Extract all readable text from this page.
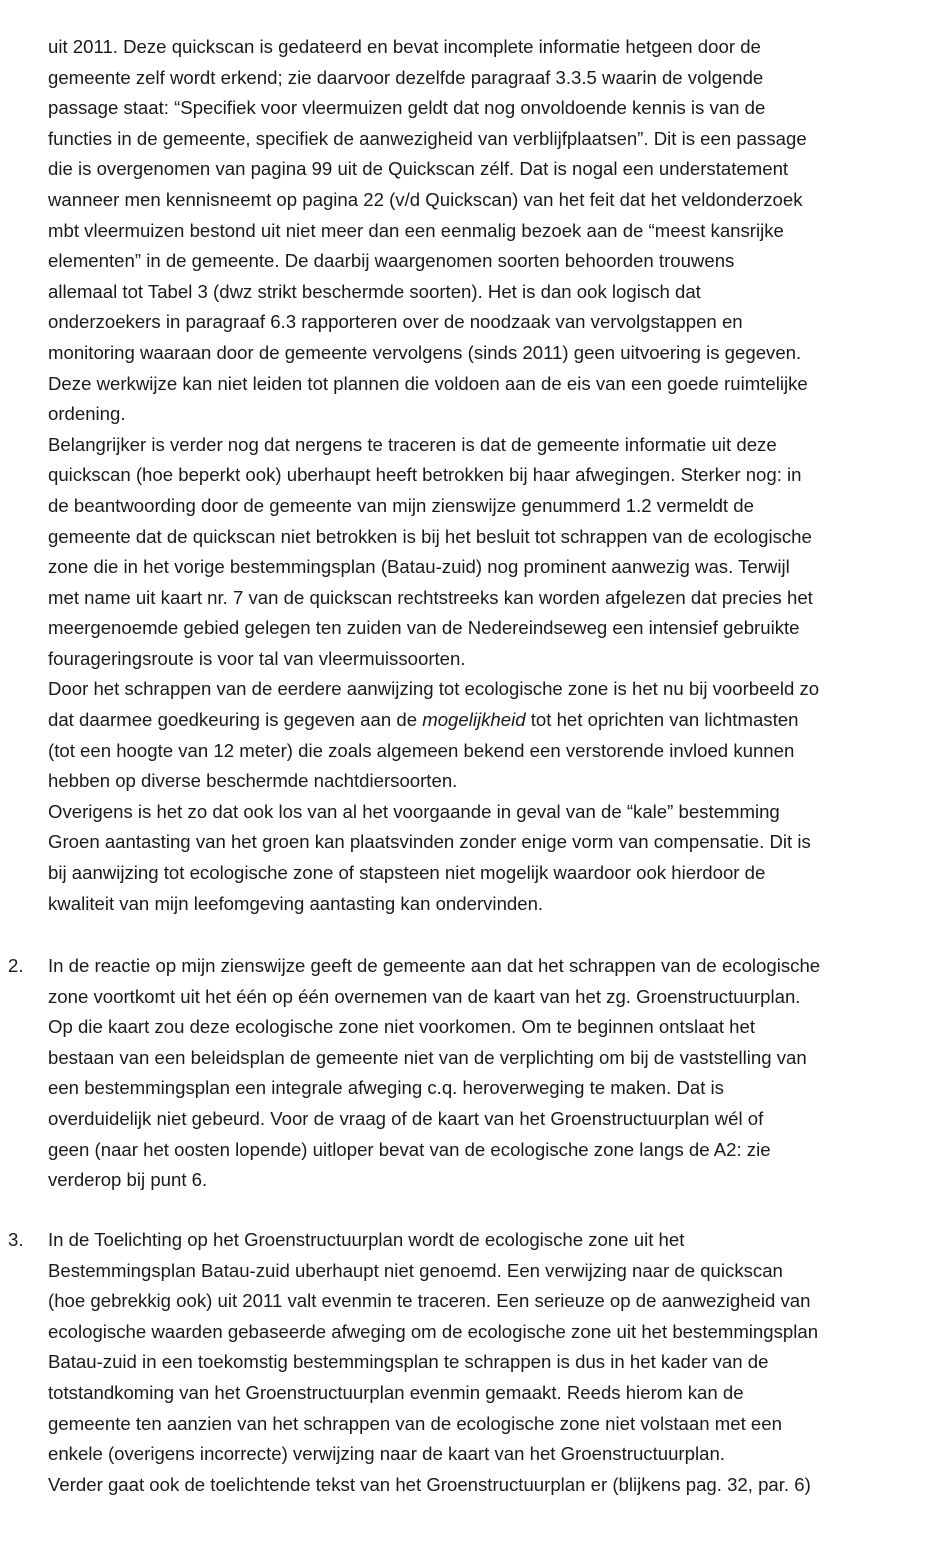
uit 2011. Deze quickscan is gedateerd en bevat incomplete informatie hetgeen door de
gemeente zelf wordt erkend; zie daarvoor dezelfde paragraaf 3.3.5 waarin de volgende
passage staat: “Specifiek voor vleermuizen geldt dat nog onvoldoende kennis is van de
functies in de gemeente, specifiek de aanwezigheid van verblijfplaatsen”. Dit is een passage
die is overgenomen van pagina 99 uit de Quickscan zélf. Dat is nogal een understatement
wanneer men kennisneemt op pagina 22 (v/d Quickscan) van het feit dat het veldonderzoek
mbt vleermuizen bestond uit niet meer dan een eenmalig bezoek aan de “meest kansrijke
elementen” in de gemeente. De daarbij waargenomen soorten behoorden trouwens
allemaal tot Tabel 3 (dwz strikt beschermde soorten). Het is dan ook logisch dat
onderzoekers in paragraaf 6.3 rapporteren over de noodzaak van vervolgstappen en
monitoring waaraan door de gemeente vervolgens (sinds 2011) geen uitvoering is gegeven.
Deze werkwijze kan niet leiden tot plannen die voldoen aan de eis van een goede ruimtelijke
ordening.
Belangrijker is verder nog dat nergens te traceren is dat de gemeente informatie uit deze
quickscan (hoe beperkt ook) uberhaupt heeft betrokken bij haar afwegingen. Sterker nog: in
de beantwoording door de gemeente van mijn zienswijze genummerd 1.2 vermeldt de
gemeente dat de quickscan niet betrokken is bij het besluit tot schrappen van de ecologische
zone die in het vorige bestemmingsplan (Batau-zuid) nog prominent aanwezig was. Terwijl
met name uit kaart nr. 7 van de quickscan rechtstreeks kan worden afgelezen dat precies het
meergenoemde gebied gelegen ten zuiden van de Nedereindseweg een intensief gebruikte
fourageringsroute is voor tal van vleermuissoorten.
Door het schrappen van de eerdere aanwijzing tot ecologische zone is het nu bij voorbeeld zo
dat daarmee goedkeuring is gegeven aan de mogelijkheid tot het oprichten van lichtmasten
(tot een hoogte van 12 meter) die zoals algemeen bekend een verstorende invloed kunnen
hebben op diverse beschermde nachtdiersoorten.
Overigens is het zo dat ook los van al het voorgaande in geval van de “kale” bestemming
Groen aantasting van het groen kan plaatsvinden zonder enige vorm van compensatie. Dit is
bij aanwijzing tot ecologische zone of stapsteen niet mogelijk waardoor ook hierdoor de
kwaliteit van mijn leefomgeving aantasting kan ondervinden.
2. In de reactie op mijn zienswijze geeft de gemeente aan dat het schrappen van de ecologische
zone voortkomt uit het één op één overnemen van de kaart van het zg. Groenstructuurplan.
Op die kaart zou deze ecologische zone niet voorkomen. Om te beginnen ontslaat het
bestaan van een beleidsplan de gemeente niet van de verplichting om bij de vaststelling van
een bestemmingsplan een integrale afweging c.q. heroverweging te maken. Dat is
overduidelijk niet gebeurd. Voor de vraag of de kaart van het Groenstructuurplan wél of
geen (naar het oosten lopende) uitloper bevat van de ecologische zone langs de A2: zie
verderop bij punt 6.
3. In de Toelichting op het Groenstructuurplan wordt de ecologische zone uit het
Bestemmingsplan Batau-zuid uberhaupt niet genoemd. Een verwijzing naar de quickscan
(hoe gebrekkig ook) uit 2011 valt evenmin te traceren. Een serieuze op de aanwezigheid van
ecologische waarden gebaseerde afweging om de ecologische zone uit het bestemmingsplan
Batau-zuid in een toekomstig bestemmingsplan te schrappen is dus in het kader van de
totstandkoming van het Groenstructuurplan evenmin gemaakt. Reeds hierom kan de
gemeente ten aanzien van het schrappen van de ecologische zone niet volstaan met een
enkele (overigens incorrecte) verwijzing naar de kaart van het Groenstructuurplan.
Verder gaat ook de toelichtende tekst van het Groenstructuurplan er (blijkens pag. 32, par. 6)
